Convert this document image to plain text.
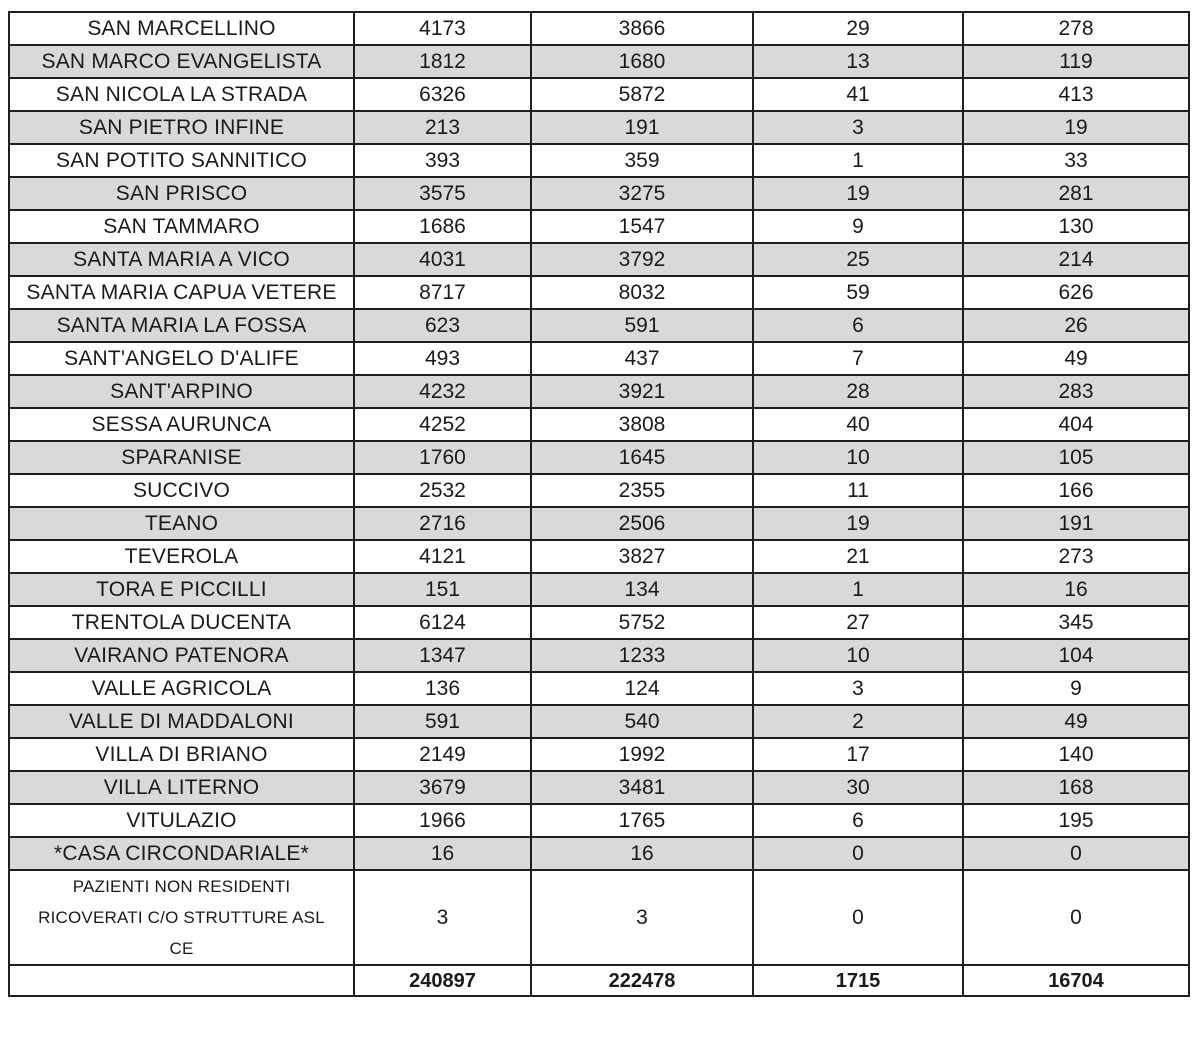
SAN MARCELLINO	4173	3866	29	278
SAN MARCO EVANGELISTA	1812	1680	13	119
SAN NICOLA LA STRADA	6326	5872	41	413
SAN PIETRO INFINE	213	191	3	19
SAN POTITO SANNITICO	393	359	1	33
SAN PRISCO	3575	3275	19	281
SAN TAMMARO	1686	1547	9	130
SANTA MARIA A VICO	4031	3792	25	214
SANTA MARIA CAPUA VETERE	8717	8032	59	626
SANTA MARIA LA FOSSA	623	591	6	26
SANT'ANGELO D'ALIFE	493	437	7	49
SANT'ARPINO	4232	3921	28	283
SESSA AURUNCA	4252	3808	40	404
SPARANISE	1760	1645	10	105
SUCCIVO	2532	2355	11	166
TEANO	2716	2506	19	191
TEVEROLA	4121	3827	21	273
TORA E PICCILLI	151	134	1	16
TRENTOLA DUCENTA	6124	5752	27	345
VAIRANO PATENORA	1347	1233	10	104
VALLE AGRICOLA	136	124	3	9
VALLE DI MADDALONI	591	540	2	49
VILLA DI BRIANO	2149	1992	17	140
VILLA LITERNO	3679	3481	30	168
VITULAZIO	1966	1765	6	195
*CASA CIRCONDARIALE*	16	16	0	0

PAZIENTI NON RESIDENTI
RICOVERATI C/O STRUTTURE ASL
CE	3	3	0	0
	240897	222478	1715	16704
